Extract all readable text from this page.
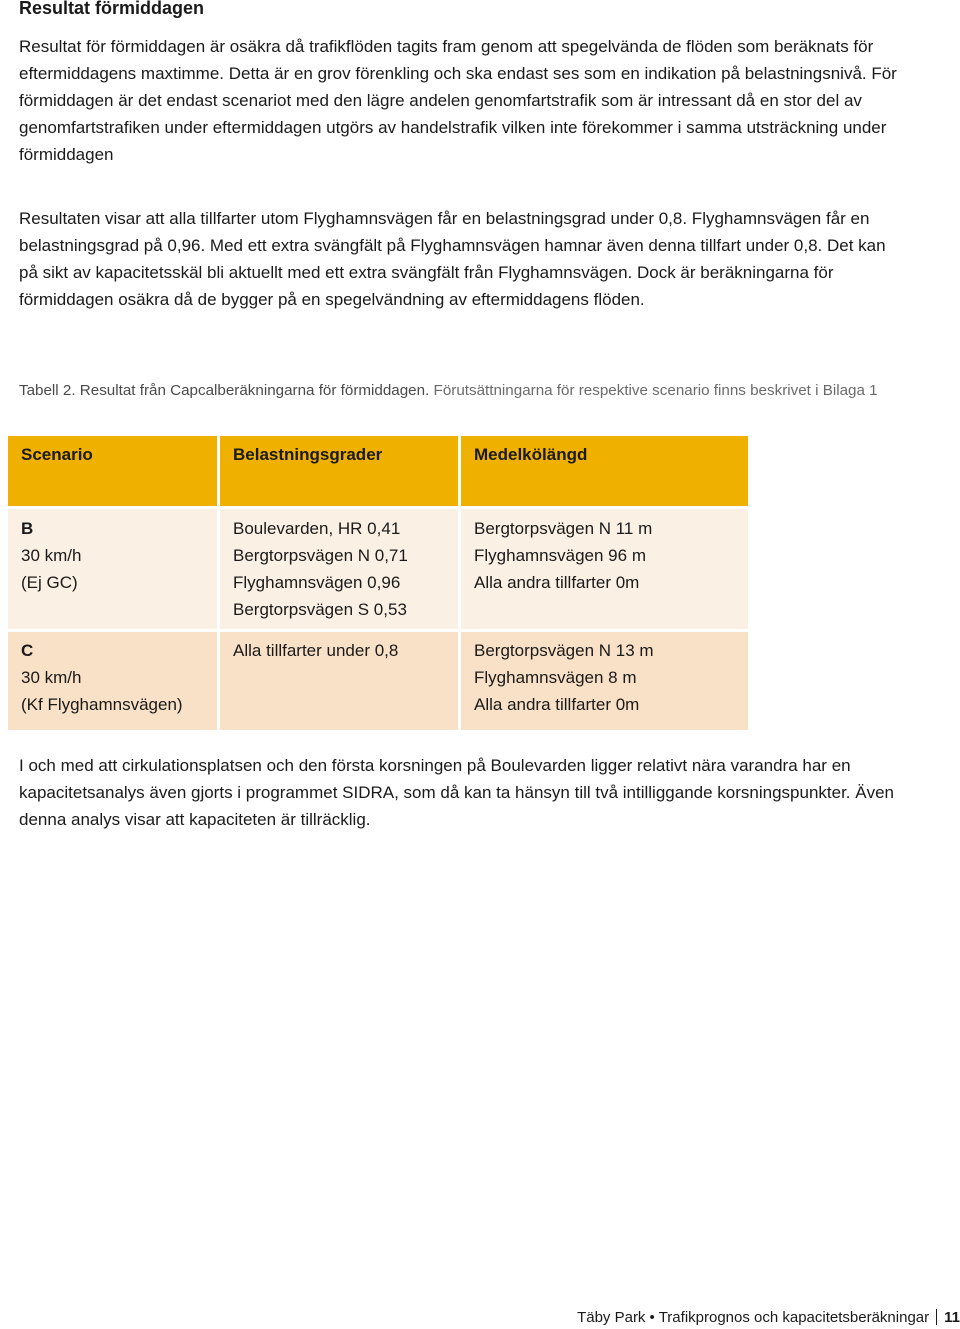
Resultat förmiddagen

Resultat för förmiddagen är osäkra då trafikflöden tagits fram genom att spegelvända de flöden som beräknats för eftermiddagens maxtimme. Detta är en grov förenkling och ska endast ses som en indikation på belastningsnivå. För förmiddagen är det endast scenariot med den lägre andelen genomfartstrafik som är intressant då en stor del av genomfartstrafiken under eftermiddagen utgörs av handelstrafik vilken inte förekommer i samma utsträckning under förmiddagen

Resultaten visar att alla tillfarter utom Flyghamnsvägen får en belastningsgrad under 0,8. Flyghamnsvägen får en belastningsgrad på 0,96. Med ett extra svängfält på Flyghamnsvägen hamnar även denna tillfart under 0,8. Det kan på sikt av kapacitetsskäl bli aktuellt med ett extra svängfält från Flyghamnsvägen. Dock är beräkningarna för förmiddagen osäkra då de bygger på en spegelvändning av eftermiddagens flöden.

Tabell 2. Resultat från Capcalberäkningarna för förmiddagen. Förutsättningarna för respektive scenario finns beskrivet i Bilaga 1

Scenario	Belastningsgrader	Medelkölängd

B
30 km/h
(Ej GC)	Boulevarden, HR 0,41
Bergtorpsvägen N 0,71
Flyghamnsvägen 0,96
Bergtorpsvägen S 0,53	Bergtorpsvägen N 11 m
Flyghamnsvägen 96 m
Alla andra tillfarter 0m

C
30 km/h
(Kf Flyghamnsvägen)	Alla tillfarter under 0,8	Bergtorpsvägen N 13 m
Flyghamnsvägen 8 m
Alla andra tillfarter 0m

I och med att cirkulationsplatsen och den första korsningen på Boulevarden ligger relativt nära varandra har en kapacitetsanalys även gjorts i programmet SIDRA, som då kan ta hänsyn till två intilliggande korsningspunkter. Även denna analys visar att kapaciteten är tillräcklig.

Täby Park • Trafikprognos och kapacitetsberäkningar 11
